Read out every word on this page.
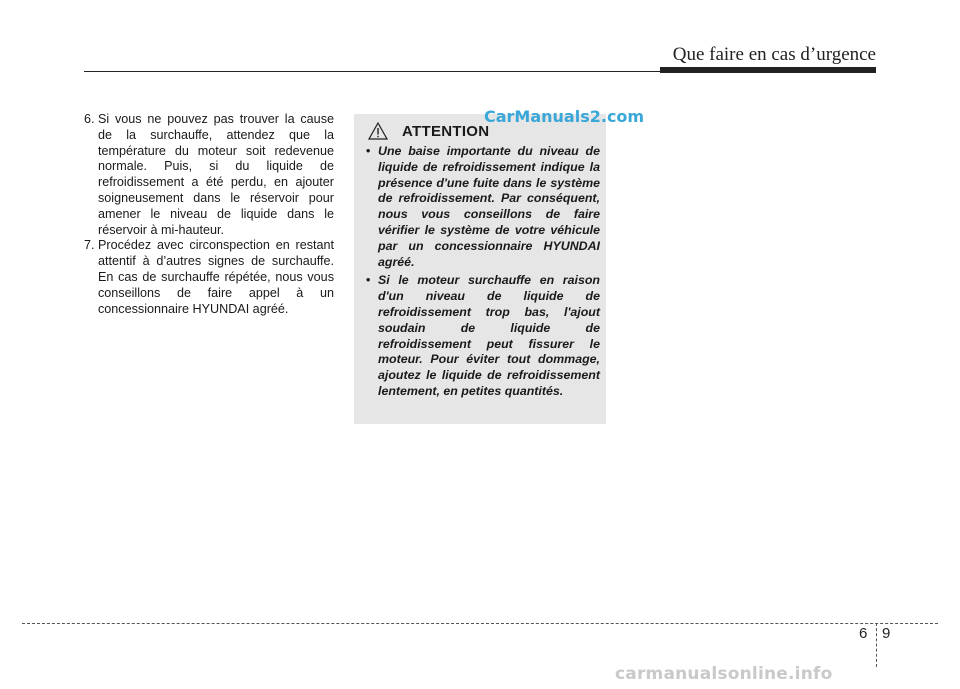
Que faire en cas d’urgence
6. Si vous ne pouvez pas trouver la cause de la surchauffe, attendez que la température du moteur soit redevenue normale. Puis, si du liquide de refroidissement a été perdu, en ajouter soigneusement dans le réservoir pour amener le niveau de liquide dans le réservoir à mi-hauteur.
7. Procédez avec circonspection en restant attentif à d’autres signes de surchauffe. En cas de surchauffe répétée, nous vous conseillons de faire appel à un concessionnaire HYUNDAI agréé.
ATTENTION
• Une baise importante du niveau de liquide de refroidissement indique la présence d'une fuite dans le système de refroidissement. Par conséquent, nous vous conseillons de faire vérifier le système de votre véhicule par un concessionnaire HYUNDAI agréé.
• Si le moteur surchauffe en raison d'un niveau de liquide de refroidissement trop bas, l'ajout soudain de liquide de refroidissement peut fissurer le moteur. Pour éviter tout dommage, ajoutez le liquide de refroidissement lentement, en petites quantités.
CarManuals2.com
6 9
carmanualsonline.info
